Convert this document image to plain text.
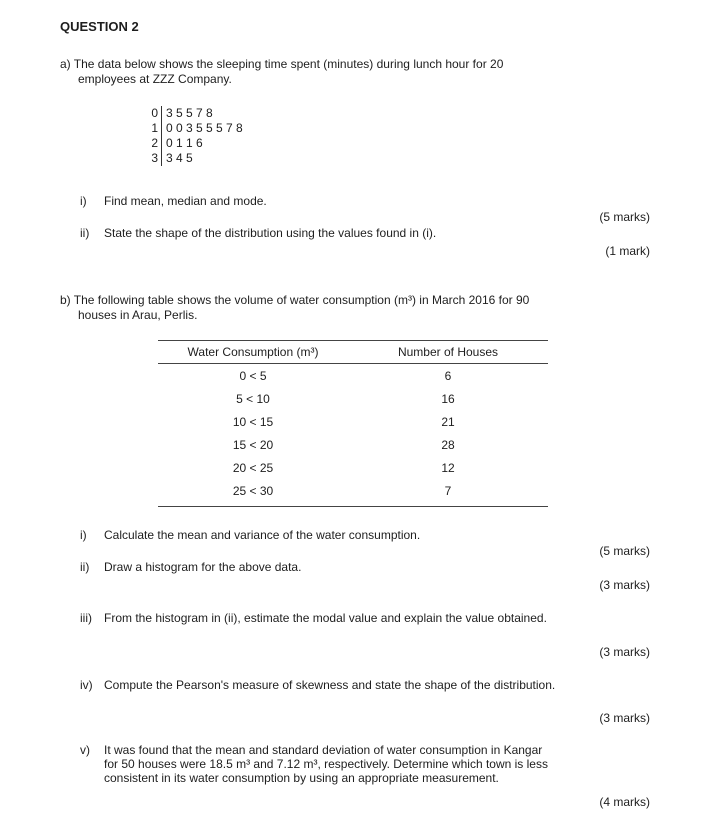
QUESTION 2
a) The data below shows the sleeping time spent (minutes) during lunch hour for 20
employees at ZZZ Company.
0 3 5 5 7 8
1 0 0 3 5 5 5 7 8
2 0 1 1 6
3 3 4 5
i) Find mean, median and mode.
(5 marks)
ii) State the shape of the distribution using the values found in (i).
(1 mark)
b) The following table shows the volume of water consumption (m³) in March 2016 for 90
houses in Arau, Perlis.
Water Consumption (m³)	Number of Houses
0 < 5	6
5 < 10	16
10 < 15	21
15 < 20	28
20 < 25	12
25 < 30	7
i) Calculate the mean and variance of the water consumption.
(5 marks)
ii) Draw a histogram for the above data.
(3 marks)
iii) From the histogram in (ii), estimate the modal value and explain the value obtained.
(3 marks)
iv) Compute the Pearson's measure of skewness and state the shape of the distribution.
(3 marks)
v) It was found that the mean and standard deviation of water consumption in Kangar
for 50 houses were 18.5 m³ and 7.12 m³, respectively. Determine which town is less
consistent in its water consumption by using an appropriate measurement.
(4 marks)
